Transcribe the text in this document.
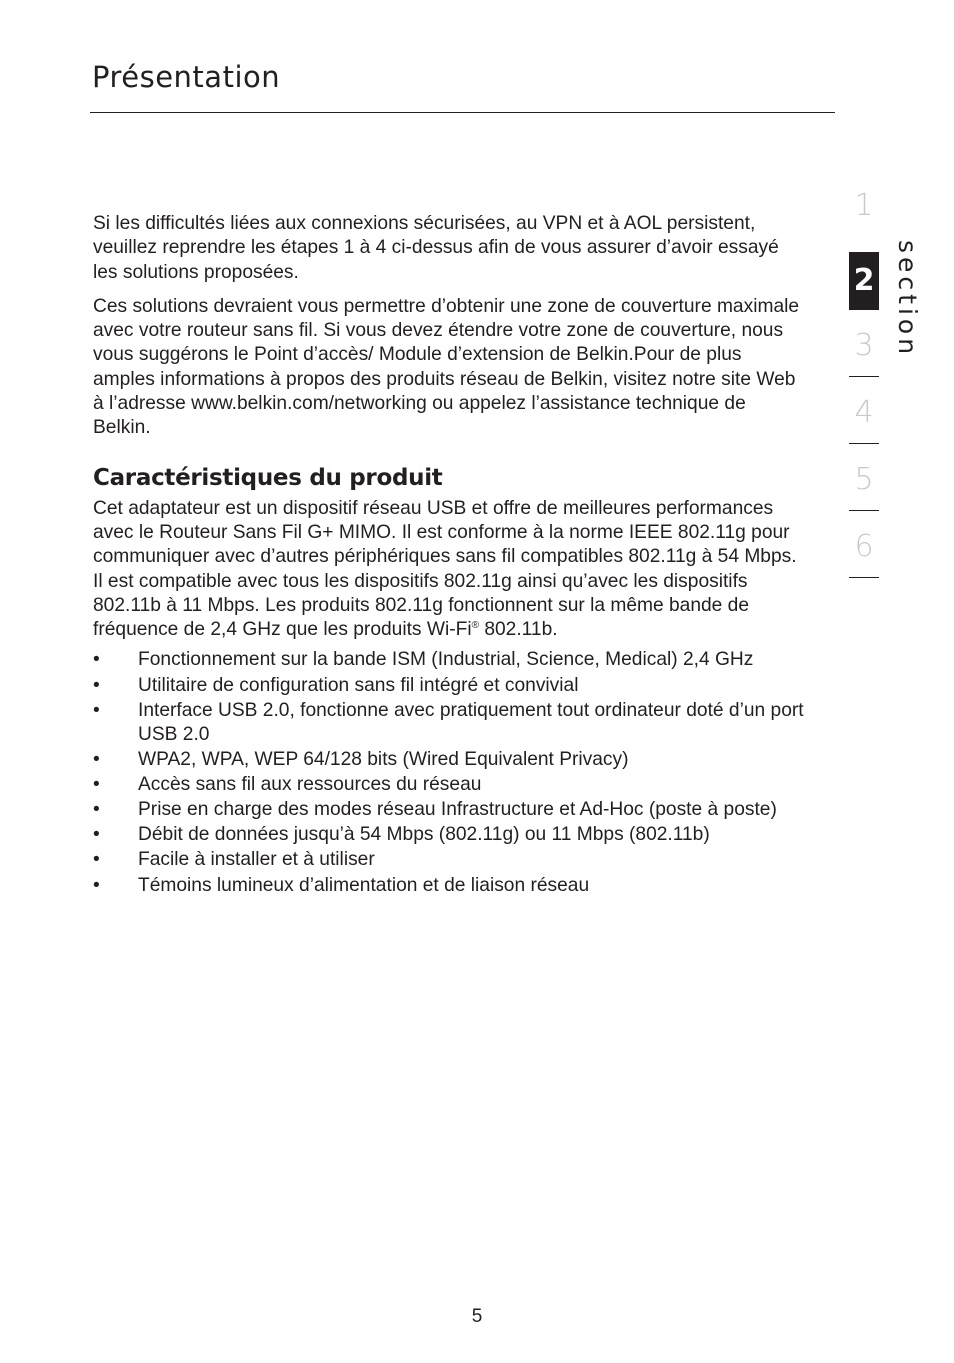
Présentation
1
2
3
4
5
6
section

Si les difficultés liées aux connexions sécurisées, au VPN et à AOL persistent, veuillez reprendre les étapes 1 à 4 ci-dessus afin de vous assurer d’avoir essayé les solutions proposées.

Ces solutions devraient vous permettre d’obtenir une zone de couverture maximale avec votre routeur sans fil. Si vous devez étendre votre zone de couverture, nous vous suggérons le Point d’accès/ Module d’extension de Belkin.Pour de plus amples informations à propos des produits réseau de Belkin, visitez notre site Web à l’adresse www.belkin.com/networking ou appelez l’assistance technique de Belkin.

Caractéristiques du produit

Cet adaptateur est un dispositif réseau USB et offre de meilleures performances avec le Routeur Sans Fil G+ MIMO. Il est conforme à la norme IEEE 802.11g pour communiquer avec d’autres périphériques sans fil compatibles 802.11g à 54 Mbps. Il est compatible avec tous les dispositifs 802.11g ainsi qu’avec les dispositifs 802.11b à 11 Mbps. Les produits 802.11g fonctionnent sur la même bande de fréquence de 2,4 GHz que les produits Wi-Fi® 802.11b.

• Fonctionnement sur la bande ISM (Industrial, Science, Medical) 2,4 GHz
• Utilitaire de configuration sans fil intégré et convivial
• Interface USB 2.0, fonctionne avec pratiquement tout ordinateur doté d’un port USB 2.0
• WPA2, WPA, WEP 64/128 bits (Wired Equivalent Privacy)
• Accès sans fil aux ressources du réseau
• Prise en charge des modes réseau Infrastructure et Ad-Hoc (poste à poste)
• Débit de données jusqu’à 54 Mbps (802.11g) ou 11 Mbps (802.11b)
• Facile à installer et à utiliser
• Témoins lumineux d’alimentation et de liaison réseau
5
